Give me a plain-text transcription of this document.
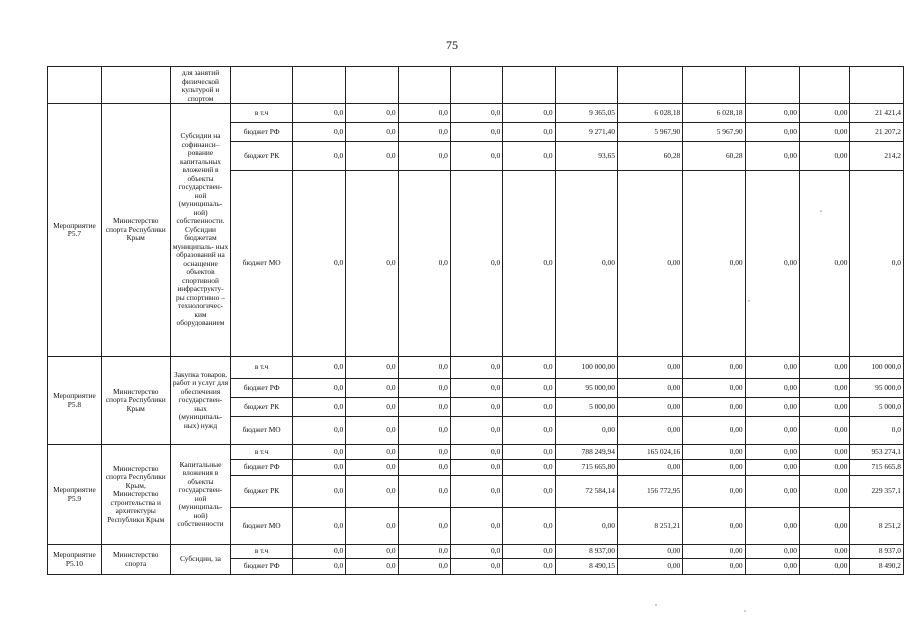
75
		для занятий физической культурой и спортом												
Мероприятие Р5.7	Министерство спорта Республики Крым	Субсидии на софинанси– рование капитальных вложений в объекты государствен- ной (муниципаль- ной) собственности. Субсидии бюджетам муниципаль- ных образований на оснащение объектов спортивной инфраструкту- ры спортивно – технологичес- ким оборудованием	в т.ч	0,0	0,0	0,0	0,0	0,0	9 365,05	6 028,18	6 028,18	0,00	0,00	21 421,4
			бюджет РФ	0,0	0,0	0,0	0,0	0,0	9 271,40	5 967,90	5 967,90	0,00	0,00	21 207,2
			бюджет РК	0,0	0,0	0,0	0,0	0,0	93,65	60,28	60,28	0,00	0,00	214,2
			бюджет МО	0,0	0,0	0,0	0,0	0,0	0,00	0,00	0,00	0,00	0,00	0,0
Мероприятие Р5.8	Министерство спорта Республики Крым	Закупка товаров, работ и услуг для обеспечения государствен- ных (муниципаль- ных) нужд	в т.ч	0,0	0,0	0,0	0,0	0,0	100 000,00	0,00	0,00	0,00	0,00	100 000,0
			бюджет РФ	0,0	0,0	0,0	0,0	0,0	95 000,00	0,00	0,00	0,00	0,00	95 000,0
			бюджет РК	0,0	0,0	0,0	0,0	0,0	5 000,00	0,00	0,00	0,00	0,00	5 000,0
			бюджет МО	0,0	0,0	0,0	0,0	0,0	0,00	0,00	0,00	0,00	0,00	0,0
Мероприятие Р5.9	Министерство спорта Республики Крым, Министерство строительства и архитектуры Республики Крым	Капитальные вложения в объекты государствен- ной (муниципаль- ной) собственности	в т.ч	0,0	0,0	0,0	0,0	0,0	788 249,94	165 024,16	0,00	0,00	0,00	953 274,1
			бюджет РФ	0,0	0,0	0,0	0,0	0,0	715 665,80	0,00	0,00	0,00	0,00	715 665,8
			бюджет РК	0,0	0,0	0,0	0,0	0,0	72 584,14	156 772,95	0,00	0,00	0,00	229 357,1
			бюджет МО	0,0	0,0	0,0	0,0	0,0	0,00	8 251,21	0,00	0,00	0,00	8 251,2
Мероприятие Р5.10	Министерство спорта	Субсидии, за	в т.ч	0,0	0,0	0,0	0,0	0,0	8 937,00	0,00	0,00	0,00	0,00	8 937,0
			бюджет РФ	0,0	0,0	0,0	0,0	0,0	8 490,15	0,00	0,00	0,00	0,00	8 490,2
